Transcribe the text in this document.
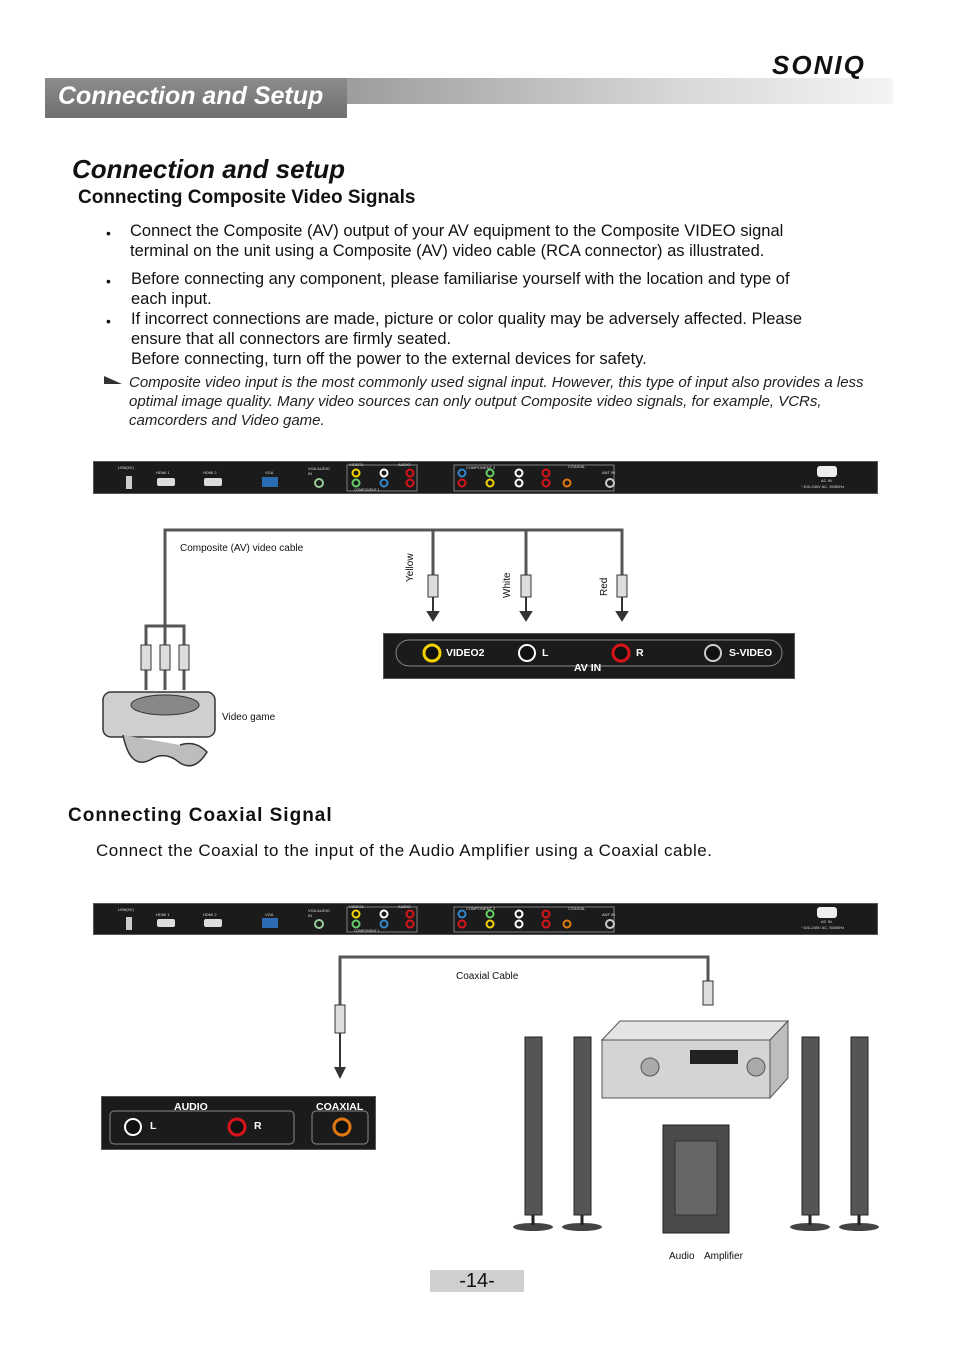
Connection and Setup
SONIQ
Connection and setup
Connecting Composite Video Signals
• Connect the Composite (AV) output of your AV equipment to the Composite VIDEO signal
terminal on the unit using a Composite (AV) video cable (RCA connector) as illustrated.
• Before connecting any component, please familiarise yourself with the location and type of
each input.
• If incorrect connections are made, picture or color quality may be adversely affected. Please
ensure that all connectors are firmly seated.
Before connecting, turn off the power to the external devices for safety.
Composite video input is the most commonly used signal input. However, this type of input also provides a less optimal image quality. Many video sources can only output Composite video signals, for example, VCRs, camcorders and Video game.
USB(5V)
HDMI 1	HDMI 2	VGA
VGA AUDIO IN
VIDEO1	AUDIO
COMPONENT 1
COMPONENT 2	COAXIAL
ANT IN
AC IN
~100-240V AC, 50/60Hz
Composite (AV) video cable
Yellow
White	Red
Video game
VIDEO2	L	R	S-VIDEO
AV IN
Connecting Coaxial Signal
Connect the Coaxial to the input of the Audio Amplifier using a Coaxial cable.
USB(5V)
HDMI 1	HDMI 2	VGA
VGA AUDIO IN
VIDEO1	AUDIO
COMPONENT 1
COMPONENT 2	COAXIAL
ANT IN
AC IN
~100-240V AC, 50/60Hz
Coaxial Cable
Audio Amplifier
AUDIO
L	R
COAXIAL
-14-
